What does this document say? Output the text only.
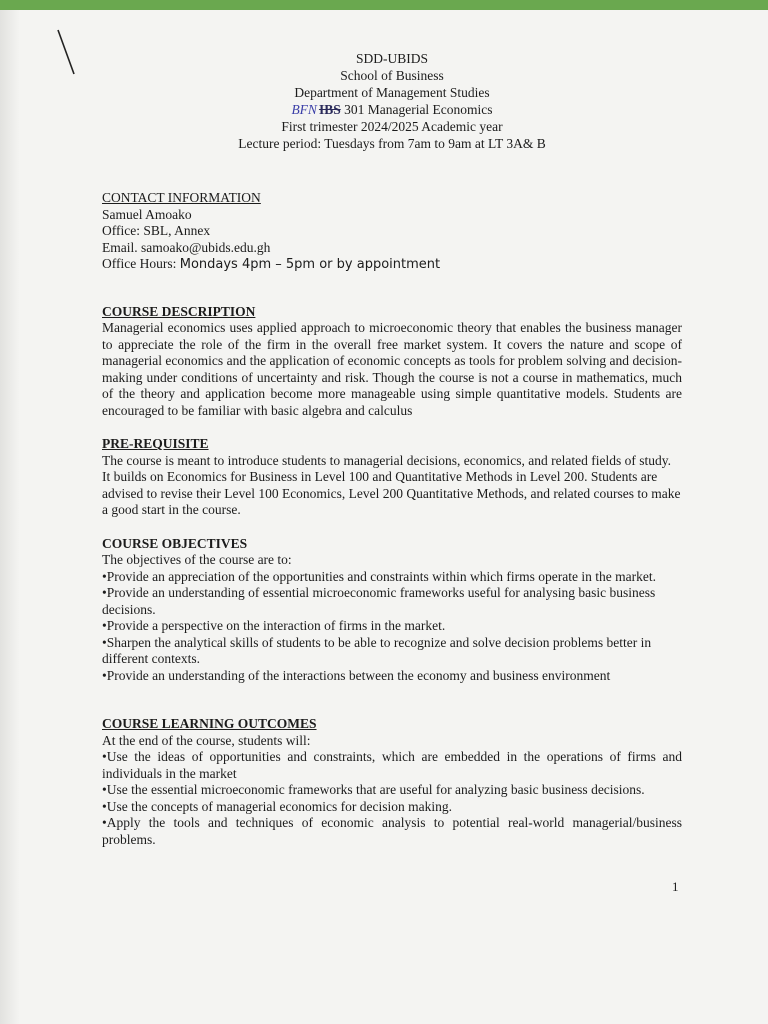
SDD-UBIDS
School of Business
Department of Management Studies
BFN IBS 301 Managerial Economics
First trimester 2024/2025 Academic year
Lecture period: Tuesdays from 7am to 9am at LT 3A& B
CONTACT INFORMATION
Samuel Amoako
Office: SBL, Annex
Email. samoako@ubids.edu.gh
Office Hours: Mondays 4pm – 5pm or by appointment
COURSE DESCRIPTION
Managerial economics uses applied approach to microeconomic theory that enables the business manager to appreciate the role of the firm in the overall free market system. It covers the nature and scope of managerial economics and the application of economic concepts as tools for problem solving and decision-making under conditions of uncertainty and risk. Though the course is not a course in mathematics, much of the theory and application become more manageable using simple quantitative models. Students are encouraged to be familiar with basic algebra and calculus
PRE-REQUISITE
The course is meant to introduce students to managerial decisions, economics, and related fields of study. It builds on Economics for Business in Level 100 and Quantitative Methods in Level 200. Students are advised to revise their Level 100 Economics, Level 200 Quantitative Methods, and related courses to make a good start in the course.
COURSE OBJECTIVES
The objectives of the course are to:
•Provide an appreciation of the opportunities and constraints within which firms operate in the market.
•Provide an understanding of essential microeconomic frameworks useful for analysing basic business decisions.
•Provide a perspective on the interaction of firms in the market.
•Sharpen the analytical skills of students to be able to recognize and solve decision problems better in different contexts.
•Provide an understanding of the interactions between the economy and business environment
COURSE LEARNING OUTCOMES
At the end of the course, students will:
•Use the ideas of opportunities and constraints, which are embedded in the operations of firms and individuals in the market
•Use the essential microeconomic frameworks that are useful for analyzing basic business decisions.
•Use the concepts of managerial economics for decision making.
•Apply the tools and techniques of economic analysis to potential real-world managerial/business problems.
1
